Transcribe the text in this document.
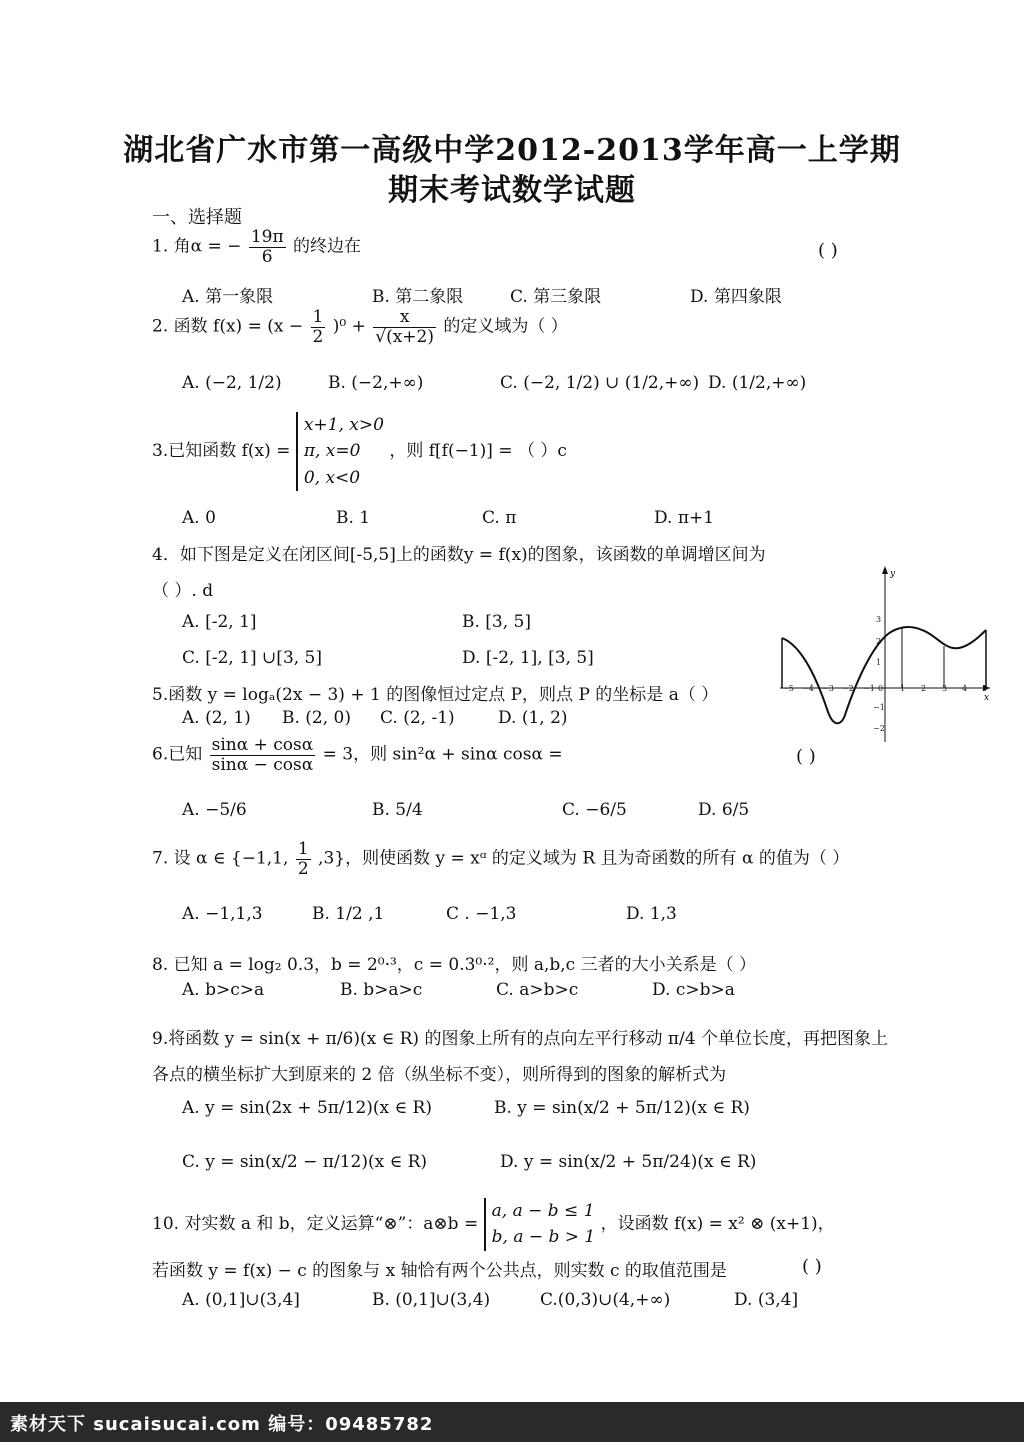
湖北省广水市第一高级中学2012-2013学年高一上学期
期末考试数学试题
一、选择题
1. 角α = − $\frac{19\pi}{6}$ 的终边在	( )
A. 第一象限	B. 第二象限	C. 第三象限	D. 第四象限
2. 函数 $f(x) = (x - \frac{1}{2} )^0 + \frac{x}{√(x+2)}$ 的定义域为（ ）
A. (−2, 1/2)	B. (−2,+∞)	C. (−2, 1/2) ∪ (1/2,+∞) D. (1/2,+∞)
3.已知函数 f(x) =
x+1, x>0
π, x=0
0, x<0
，则 f[f(−1)] = （ ）c
A. 0	B. 1	C. π	D. π+1
4．如下图是定义在闭区间[-5,5]上的函数y = f(x)的图象，该函数的单调增区间为
（ ）. d
A. [-2, 1]	B. [3, 5]
C. [-2, 1] ∪[3, 5]	D. [-2, 1], [3, 5]
y
x
−5 −4 −3 −2 −1 0 1 2 3 4 5
3
2
1
−1
−2
5.函数 y = logₐ(2x − 3) + 1 的图像恒过定点 P，则点 P 的坐标是 a（ ）
A. (2, 1) B. (2, 0) C. (2, -1)	D. (1, 2)
6.已知 $\frac{\sin\alpha + \cos\alpha}{\sin\alpha - \cos\alpha} = 3$，则 sin²α + sinα cosα =	( )
A. −5/6	B. 5/4	C. −6/5	D. 6/5
7. 设 α ∈ {−1,1, $\frac{1}{2} ,3$}，则使函数 y = xᵅ 的定义域为 R 且为奇函数的所有 α 的值为（ ）
A. −1,1,3	B. 1/2 ,1	C . −1,3	D. 1,3
8. 已知 a = log₂ 0.3，b = 2⁰·³，c = 0.3⁰·²，则 a,b,c 三者的大小关系是（ ）
A. b>c>a	B. b>a>c	C. a>b>c	D. c>b>a
9.将函数 y = sin(x + π/6)(x ∈ R) 的图象上所有的点向左平行移动 π/4 个单位长度，再把图象上
各点的横坐标扩大到原来的 2 倍（纵坐标不变），则所得到的图象的解析式为
A. y = sin(2x + 5π/12)(x ∈ R)	B. y = sin(x/2 + 5π/12)(x ∈ R)
C. y = sin(x/2 − π/12)(x ∈ R)	D. y = sin(x/2 + 5π/24)(x ∈ R)
10. 对实数 a 和 b，定义运算“⊗”：a⊗b =
a, a − b ≤ 1
b, a − b > 1
，设函数 f(x) = x² ⊗ (x+1)，
若函数 y = f(x) − c 的图象与 x 轴恰有两个公共点，则实数 c 的取值范围是	( )
A. (0,1]∪(3,4]	B. (0,1]∪(3,4)	C.(0,3)∪(4,+∞)	D. (3,4]
素材天下 sucaisucai.com 编号：09485782
